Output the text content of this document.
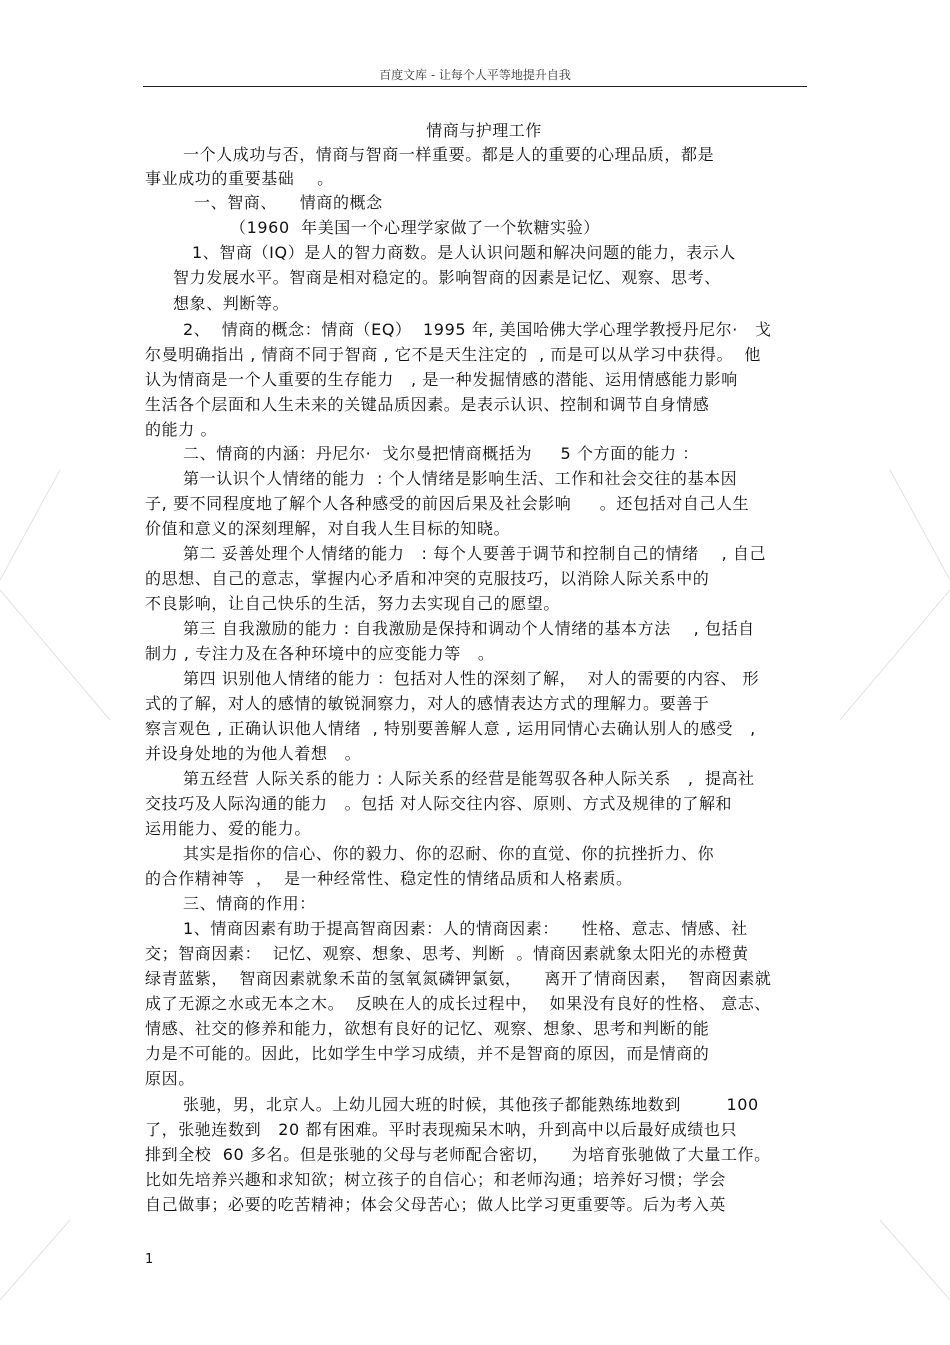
百度文库 - 让每个人平等地提升自我
情商与护理工作
一个人成功与否，情商与智商一样重要。都是人的重要的心理品质，都是
事业成功的重要基础    。
一、智商、    情商的概念
（1960  年美国一个心理学家做了一个软糖实验）
1、智商（IQ）是人的智力商数。是人认识问题和解决问题的能力，表示人
智力发展水平。智商是相对稳定的。影响智商的因素是记忆、观察、思考、
想象、判断等。
2、  情商的概念：情商（EQ）  1995 年, 美国哈佛大学心理学教授丹尼尔·   戈
尔曼明确指出 , 情商不同于智商 , 它不是天生注定的  , 而是可以从学习中获得。  他
认为情商是一个人重要的生存能力   , 是一种发掘情感的潜能、运用情感能力影响
生活各个层面和人生未来的关键品质因素。是表示认识、控制和调节自身情感
的能力 。
二、情商的内涵：丹尼尔·  戈尔曼把情商概括为     5 个方面的能力 ：
第一认识个人情绪的能力  : 个人情绪是影响生活、工作和社会交往的基本因
子, 要不同程度地了解个人各种感受的前因后果及社会影响     。还包括对自己人生
价值和意义的深刻理解，对自我人生目标的知晓。
第二 妥善处理个人情绪的能力   : 每个人要善于调节和控制自己的情绪    , 自己
的思想、自己的意志，掌握内心矛盾和冲突的克服技巧，以消除人际关系中的
不良影响，让自己快乐的生活，努力去实现自己的愿望。
第三 自我激励的能力 : 自我激励是保持和调动个人情绪的基本方法    , 包括自
制力 , 专注力及在各种环境中的应变能力等   。
第四 识别他人情绪的能力 ：包括对人性的深刻了解，  对人的需要的内容、 形
式的了解，对人的感情的敏锐洞察力，对人的感情表达方式的理解力。要善于
察言观色 , 正确认识他人情绪  , 特别要善解人意 , 运用同情心去确认别人的感受   ,
并设身处地的为他人着想   。
第五经营 人际关系的能力 : 人际关系的经营是能驾驭各种人际关系   ,  提高社
交技巧及人际沟通的能力   。包括 对人际交往内容、原则、方式及规律的了解和
运用能力、爱的能力。
其实是指你的信心、你的毅力、你的忍耐、你的直觉、你的抗挫折力、你
的合作精神等  ，  是一种经常性、稳定性的情绪品质和人格素质。
三、情商的作用：
1、情商因素有助于提高智商因素：人的情商因素：    性格、意志、情感、社
交；智商因素：  记忆、观察、想象、思考、判断  。情商因素就象太阳光的赤橙黄
绿青蓝紫，  智商因素就象禾苗的氢氧氮磷钾氯氨，    离开了情商因素，  智商因素就
成了无源之水或无本之木。  反映在人的成长过程中，  如果没有良好的性格、 意志、
情感、社交的修养和能力，欲想有良好的记忆、观察、想象、思考和判断的能
力是不可能的。因此，比如学生中学习成绩，并不是智商的原因，而是情商的
原因。
张驰，男，北京人。上幼儿园大班的时候，其他孩子都能熟练地数到        100
了，张驰连数到   20 都有困难。平时表现痴呆木呐，升到高中以后最好成绩也只
排到全校  60 多名。但是张驰的父母与老师配合密切，    为培育张驰做了大量工作。
比如先培养兴趣和求知欲；树立孩子的自信心；和老师沟通；培养好习惯；学会
自己做事；必要的吃苦精神；体会父母苦心；做人比学习更重要等。后为考入英
1
